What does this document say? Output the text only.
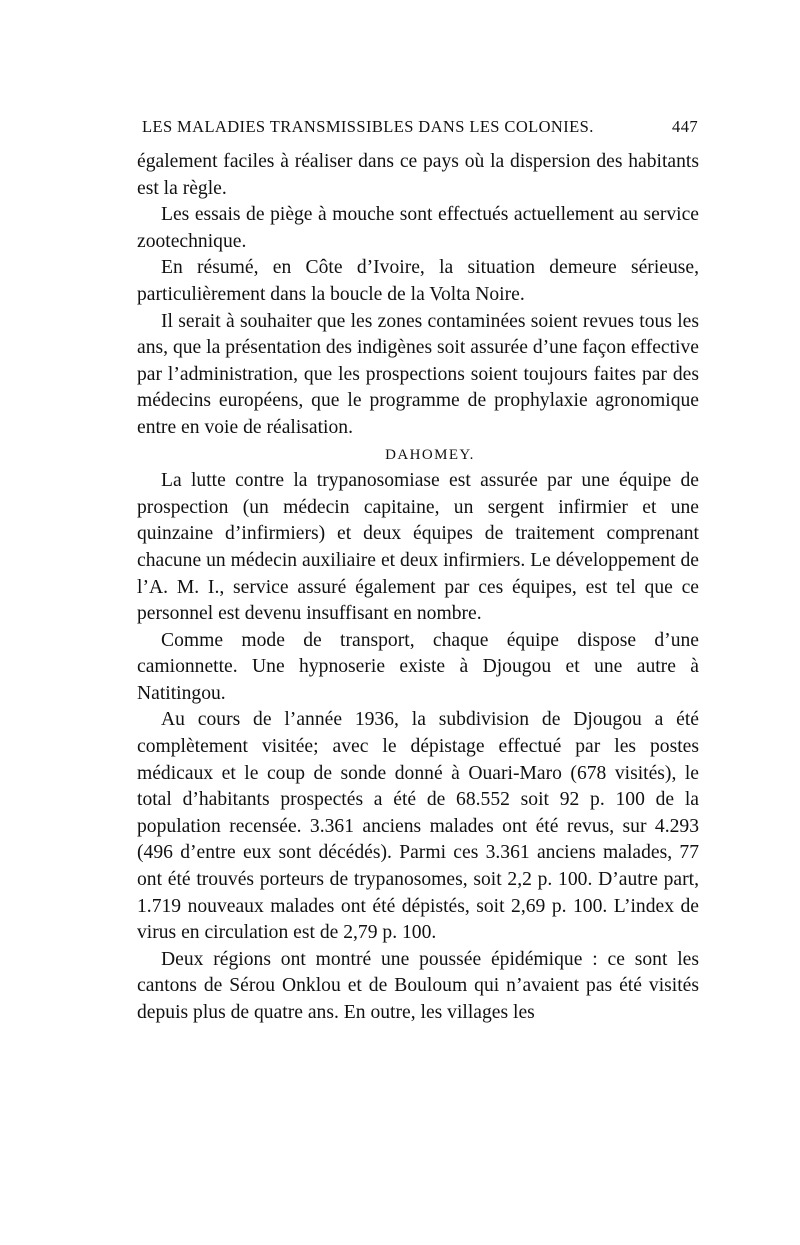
LES MALADIES TRANSMISSIBLES DANS LES COLONIES.	447

également faciles à réaliser dans ce pays où la dispersion des habitants est la règle.

Les essais de piège à mouche sont effectués actuellement au service zootechnique.

En résumé, en Côte d’Ivoire, la situation demeure sérieuse, particulièrement dans la boucle de la Volta Noire.

Il serait à souhaiter que les zones contaminées soient revues tous les ans, que la présentation des indigènes soit assurée d’une façon effective par l’administration, que les prospections soient toujours faites par des médecins européens, que le programme de prophylaxie agronomique entre en voie de réalisation.

DAHOMEY.

La lutte contre la trypanosomiase est assurée par une équipe de prospection (un médecin capitaine, un sergent infirmier et une quinzaine d’infirmiers) et deux équipes de traitement comprenant chacune un médecin auxiliaire et deux infirmiers. Le développement de l’A. M. I., service assuré également par ces équipes, est tel que ce personnel est devenu insuffisant en nombre.

Comme mode de transport, chaque équipe dispose d’une camionnette. Une hypnoserie existe à Djougou et une autre à Natitingou.

Au cours de l’année 1936, la subdivision de Djougou a été complètement visitée; avec le dépistage effectué par les postes médicaux et le coup de sonde donné à Ouari-Maro (678 visités), le total d’habitants prospectés a été de 68.552 soit 92 p. 100 de la population recensée. 3.361 anciens malades ont été revus, sur 4.293 (496 d’entre eux sont décédés). Parmi ces 3.361 anciens malades, 77 ont été trouvés porteurs de trypanosomes, soit 2,2 p. 100. D’autre part, 1.719 nouveaux malades ont été dépistés, soit 2,69 p. 100. L’index de virus en circulation est de 2,79 p. 100.

Deux régions ont montré une poussée épidémique : ce sont les cantons de Sérou Onklou et de Bouloum qui n’avaient pas été visités depuis plus de quatre ans. En outre, les villages les
